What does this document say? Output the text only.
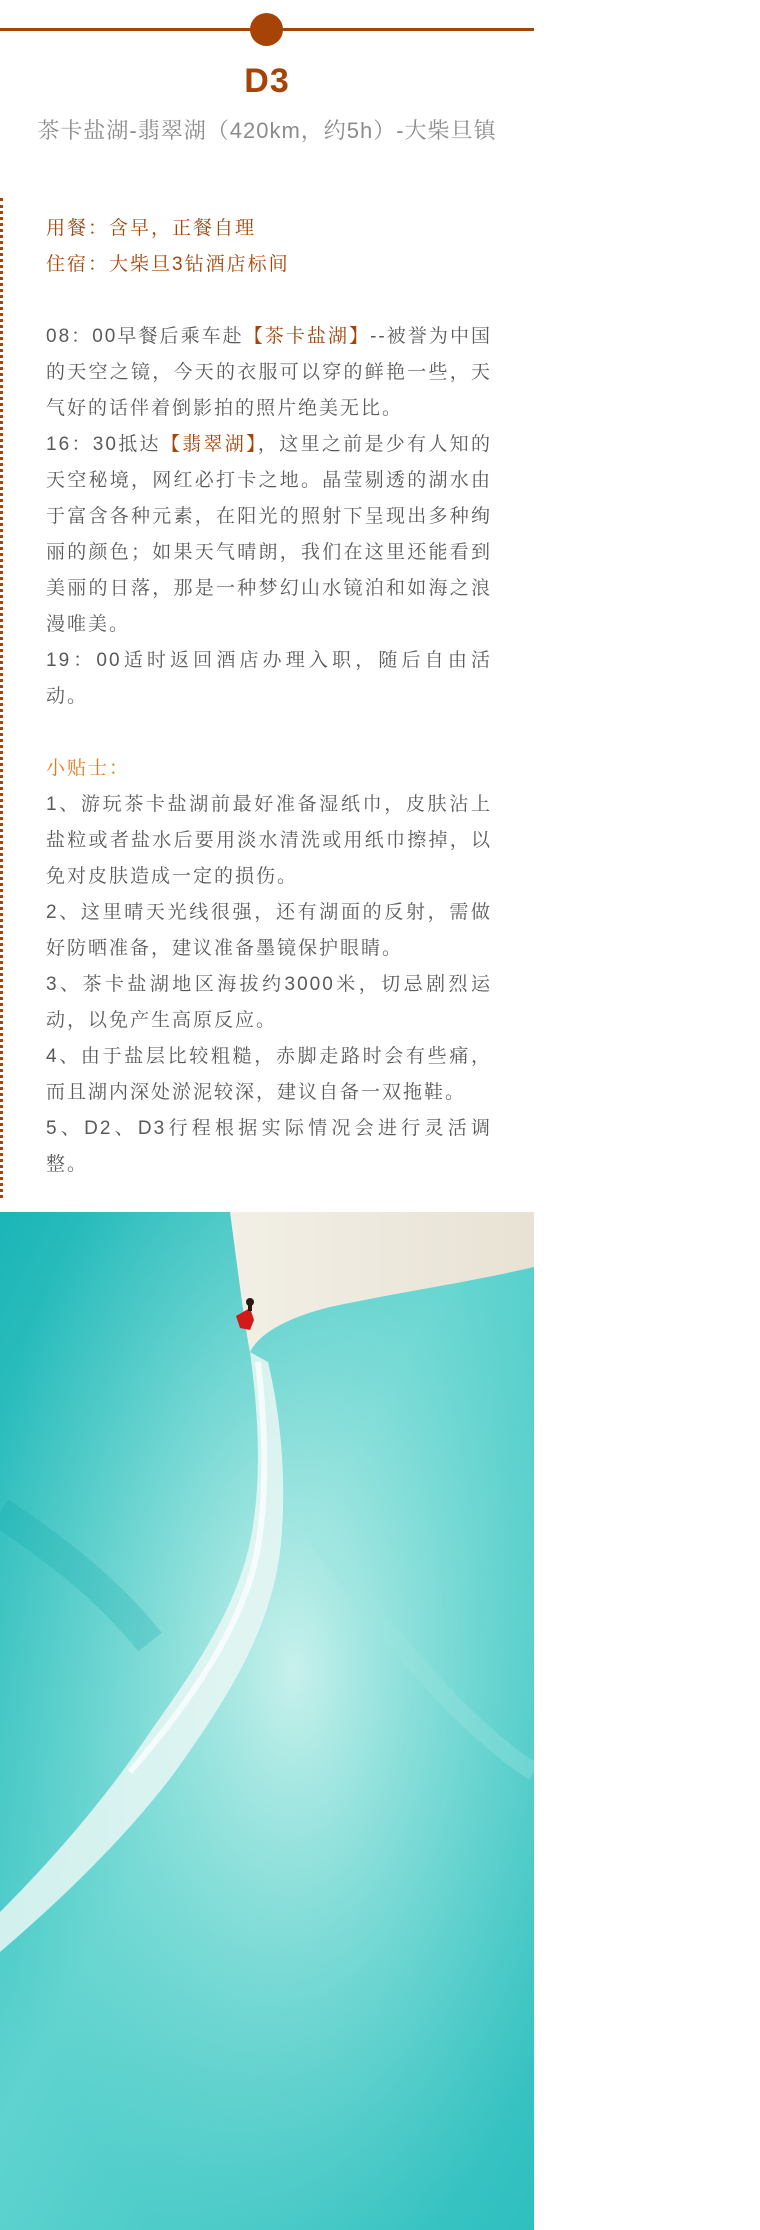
D3
茶卡盐湖-翡翠湖（420km，约5h）-大柴旦镇

用餐：含早，正餐自理

住宿：大柴旦3钻酒店标间

08：00早餐后乘车赴【茶卡盐湖】--被誉为中国的天空之镜，今天的衣服可以穿的鲜艳一些，天气好的话伴着倒影拍的照片绝美无比。

16：30抵达【翡翠湖】，这里之前是少有人知的天空秘境，网红必打卡之地。晶莹剔透的湖水由于富含各种元素，在阳光的照射下呈现出多种绚丽的颜色；如果天气晴朗，我们在这里还能看到美丽的日落，那是一种梦幻山水镜泊和如海之浪漫唯美。

19：00适时返回酒店办理入职，随后自由活动。

小贴士：

1、游玩茶卡盐湖前最好准备湿纸巾，皮肤沾上盐粒或者盐水后要用淡水清洗或用纸巾擦掉，以免对皮肤造成一定的损伤。

2、这里晴天光线很强，还有湖面的反射，需做好防晒准备，建议准备墨镜保护眼睛。

3、茶卡盐湖地区海拔约3000米，切忌剧烈运动，以免产生高原反应。

4、由于盐层比较粗糙，赤脚走路时会有些痛，而且湖内深处淤泥较深，建议自备一双拖鞋。

5、D2、D3行程根据实际情况会进行灵活调整。
